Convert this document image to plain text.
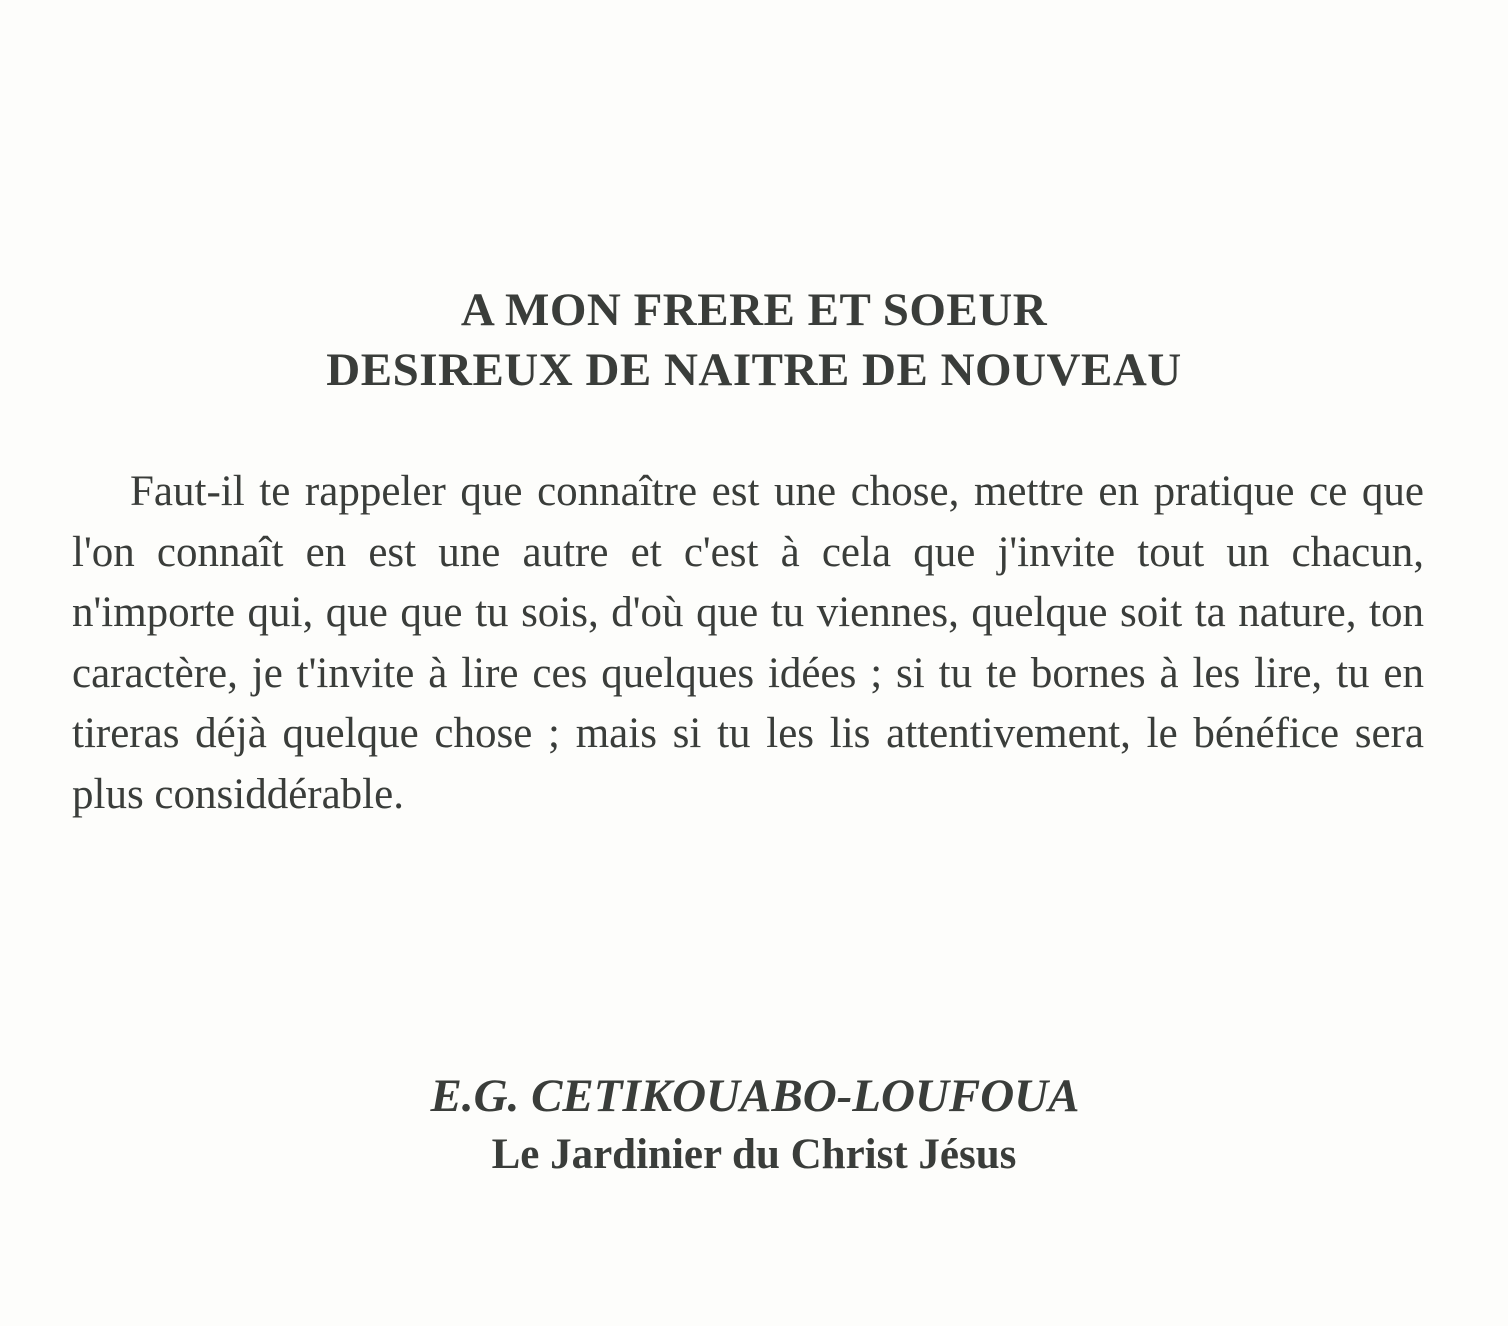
A MON FRERE ET SOEUR
DESIREUX DE NAITRE DE NOUVEAU

Faut-il te rappeler que connaître est une chose, mettre en pratique ce que l'on connaît en est une autre et c'est à cela que j'invite tout un chacun, n'importe qui, que que tu sois, d'où que tu viennes, quelque soit ta nature, ton caractère, je t'invite à lire ces quelques idées ; si tu te bornes à les lire, tu en tireras déjà quelque chose ; mais si tu les lis attentivement, le bénéfice sera plus considdérable.

E.G. CETIKOUABO-LOUFOUA
Le Jardinier du Christ Jésus
